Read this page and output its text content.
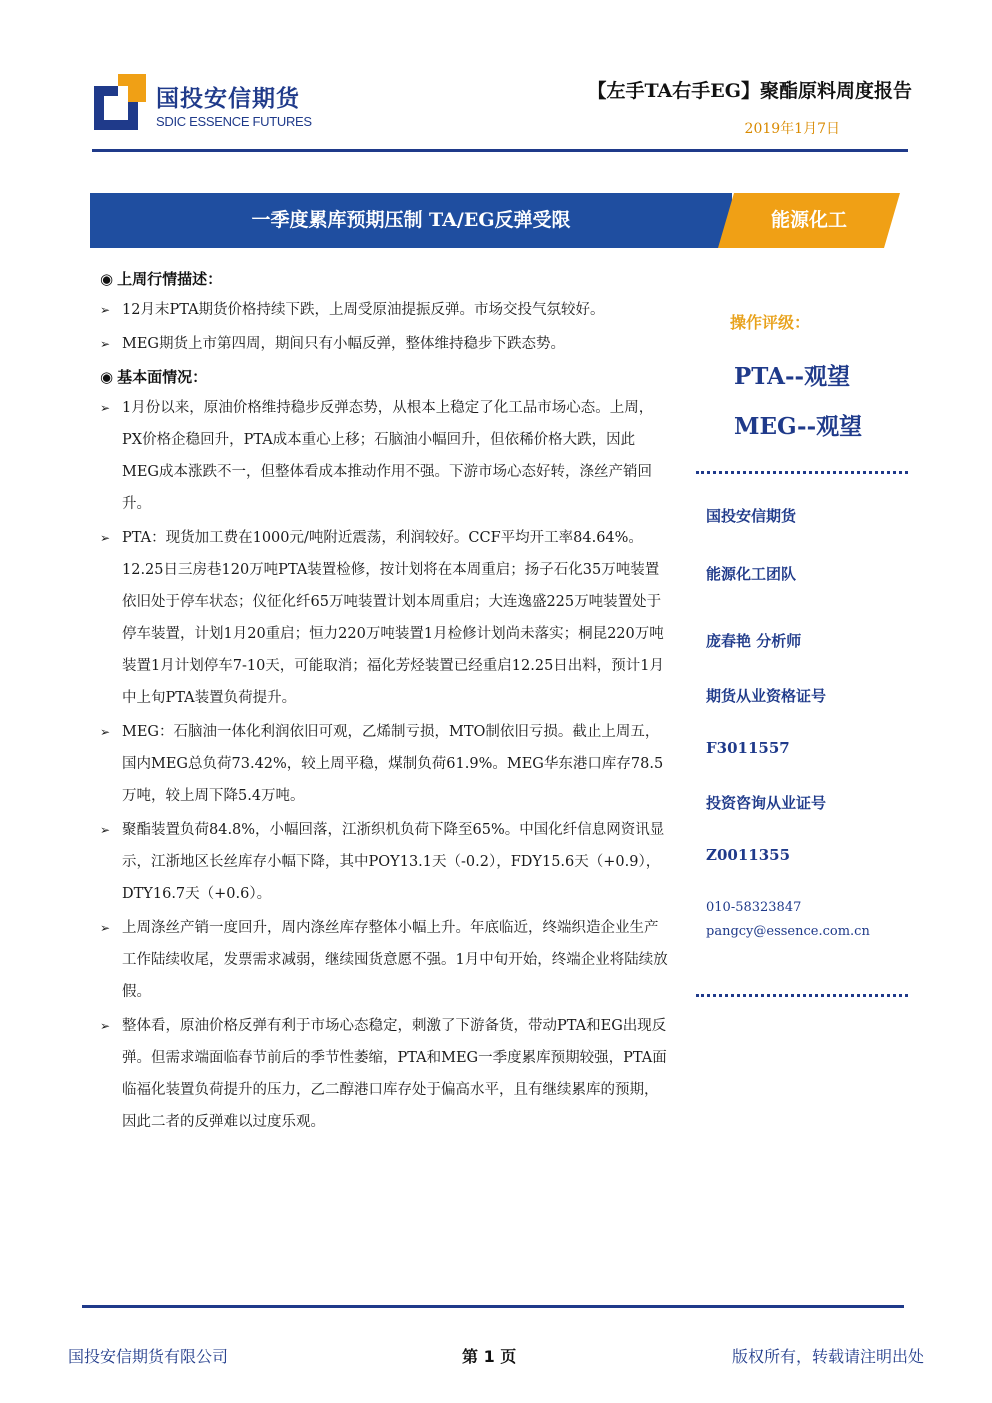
国投安信期货
SDIC ESSENCE FUTURES
【左手TA右手EG】聚酯原料周度报告
2019年1月7日
一季度累库预期压制 TA/EG反弹受限	能源化工
◉ 上周行情描述：
➢ 12月末PTA期货价格持续下跌，上周受原油提振反弹。市场交投气氛较好。
➢ MEG期货上市第四周，期间只有小幅反弹，整体维持稳步下跌态势。
◉ 基本面情况：
➢ 1月份以来，原油价格维持稳步反弹态势，从根本上稳定了化工品市场心态。上周，PX价格企稳回升，PTA成本重心上移；石脑油小幅回升，但依稀价格大跌，因此MEG成本涨跌不一，但整体看成本推动作用不强。下游市场心态好转，涤丝产销回升。
➢ PTA：现货加工费在1000元/吨附近震荡，利润较好。CCF平均开工率84.64%。12.25日三房巷120万吨PTA装置检修，按计划将在本周重启；扬子石化35万吨装置依旧处于停车状态；仪征化纤65万吨装置计划本周重启；大连逸盛225万吨装置处于停车装置，计划1月20重启；恒力220万吨装置1月检修计划尚未落实；桐昆220万吨装置1月计划停车7-10天，可能取消；福化芳烃装置已经重启12.25日出料，预计1月中上旬PTA装置负荷提升。
➢ MEG：石脑油一体化利润依旧可观，乙烯制亏损，MTO制依旧亏损。截止上周五，国内MEG总负荷73.42%，较上周平稳，煤制负荷61.9%。MEG华东港口库存78.5万吨，较上周下降5.4万吨。
➢ 聚酯装置负荷84.8%，小幅回落，江浙织机负荷下降至65%。中国化纤信息网资讯显示，江浙地区长丝库存小幅下降，其中POY13.1天（-0.2），FDY15.6天（+0.9），DTY16.7天（+0.6）。
➢ 上周涤丝产销一度回升，周内涤丝库存整体小幅上升。年底临近，终端织造企业生产工作陆续收尾，发票需求减弱，继续囤货意愿不强。1月中旬开始，终端企业将陆续放假。
➢ 整体看，原油价格反弹有利于市场心态稳定，刺激了下游备货，带动PTA和EG出现反弹。但需求端面临春节前后的季节性萎缩，PTA和MEG一季度累库预期较强，PTA面临福化装置负荷提升的压力，乙二醇港口库存处于偏高水平，且有继续累库的预期，因此二者的反弹难以过度乐观。
操作评级：
PTA--观望
MEG--观望
国投安信期货
能源化工团队
庞春艳 分析师
期货从业资格证号
F3011557
投资咨询从业证号
Z0011355
010-58323847
pangcy@essence.com.cn
国投安信期货有限公司	第 1 页	版权所有，转载请注明出处
